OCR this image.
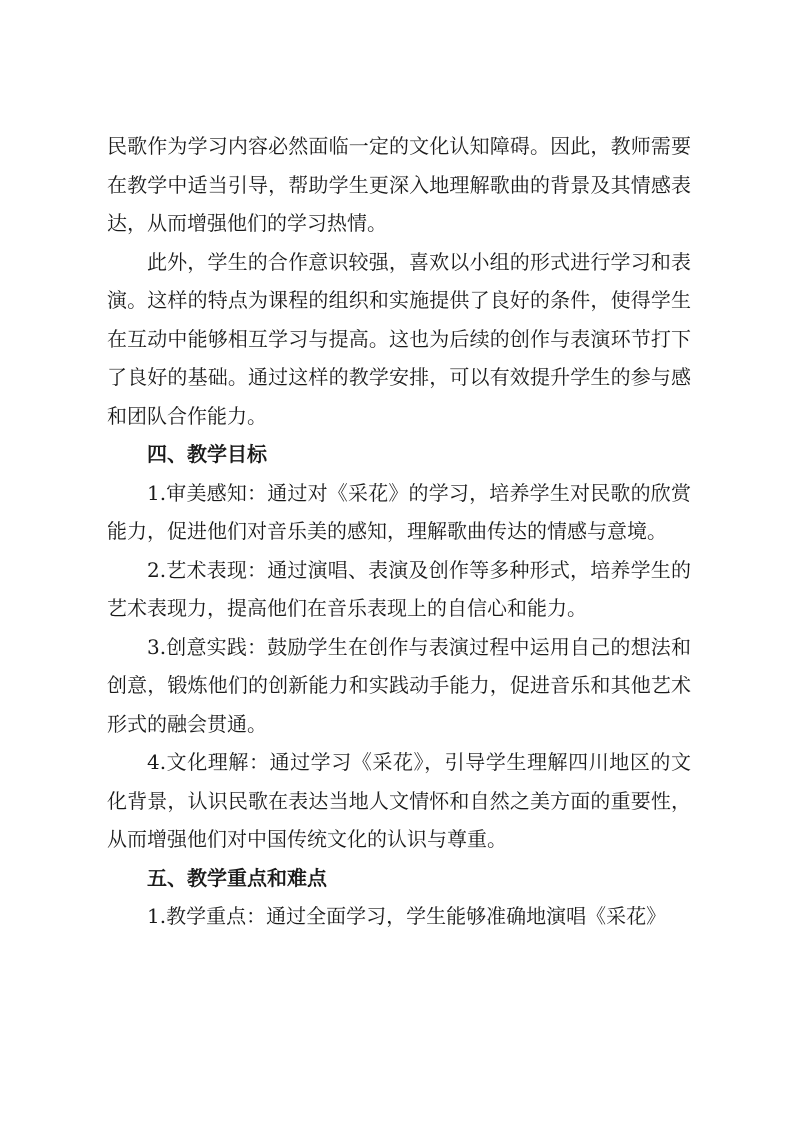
民歌作为学习内容必然面临一定的文化认知障碍。因此，教师需要在教学中适当引导，帮助学生更深入地理解歌曲的背景及其情感表达，从而增强他们的学习热情。

此外，学生的合作意识较强，喜欢以小组的形式进行学习和表演。这样的特点为课程的组织和实施提供了良好的条件，使得学生在互动中能够相互学习与提高。这也为后续的创作与表演环节打下了良好的基础。通过这样的教学安排，可以有效提升学生的参与感和团队合作能力。

四、教学目标

1.审美感知：通过对《采花》的学习，培养学生对民歌的欣赏能力，促进他们对音乐美的感知，理解歌曲传达的情感与意境。

2.艺术表现：通过演唱、表演及创作等多种形式，培养学生的艺术表现力，提高他们在音乐表现上的自信心和能力。

3.创意实践：鼓励学生在创作与表演过程中运用自己的想法和创意，锻炼他们的创新能力和实践动手能力，促进音乐和其他艺术形式的融会贯通。

4.文化理解：通过学习《采花》，引导学生理解四川地区的文化背景，认识民歌在表达当地人文情怀和自然之美方面的重要性，从而增强他们对中国传统文化的认识与尊重。

五、教学重点和难点

1.教学重点：通过全面学习，学生能够准确地演唱《采花》
